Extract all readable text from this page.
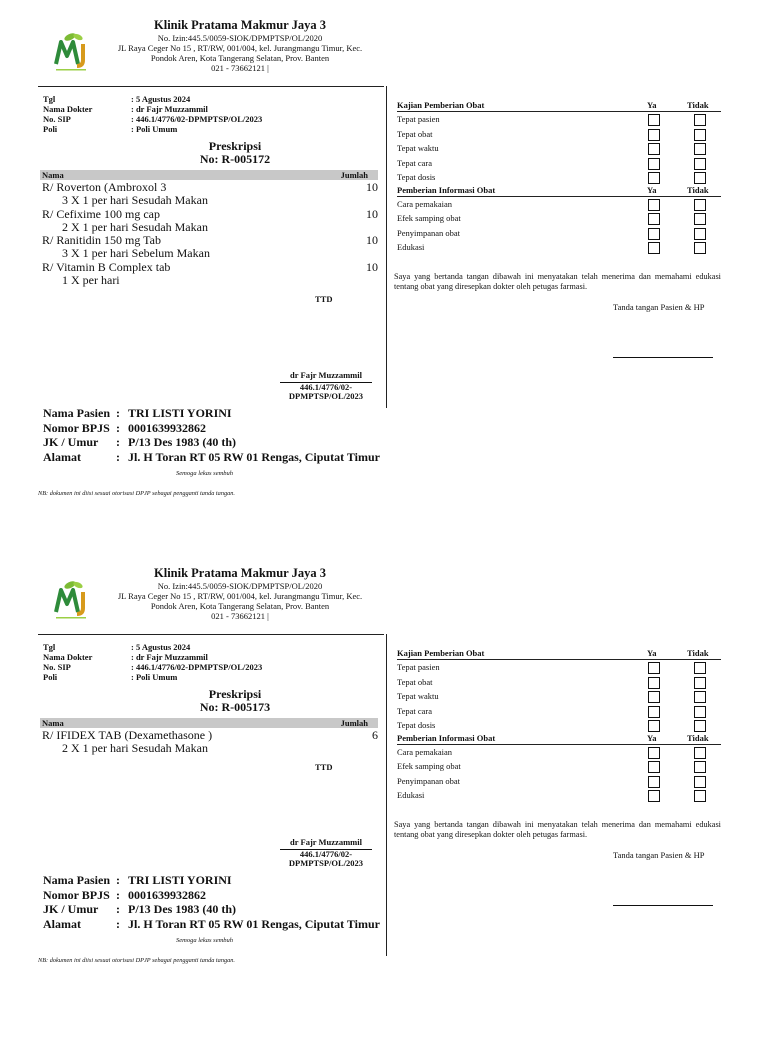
Klinik Pratama Makmur Jaya 3
No. Izin:445.5/0059-SIOK/DPMPTSP/OL/2020
JL Raya Ceger No 15 , RT/RW, 001/004, kel. Jurangmangu Timur, Kec.
Pondok Aren, Kota Tangerang Selatan, Prov. Banten
021 - 73662121 |
Tgl	: 5 Agustus 2024
Nama Dokter	: dr Fajr Muzzammil
No. SIP	: 446.1/4776/02-DPMPTSP/OL/2023
Poli	: Poli Umum
Preskripsi
No: R-005172
Nama	Jumlah
R/ Roverton (Ambroxol 3	10
3 X 1 per hari Sesudah Makan
R/ Cefixime 100 mg cap	10
2 X 1 per hari Sesudah Makan
R/ Ranitidin 150 mg Tab	10
3 X 1 per hari Sebelum Makan
R/ Vitamin B Complex tab	10
1 X per hari
TTD
dr Fajr Muzzammil
446.1/4776/02-
DPMPTSP/OL/2023
Nama Pasien : TRI LISTI YORINI
Nomor BPJS : 0001639932862
JK / Umur	: P/13 Des 1983 (40 th)
Alamat	: Jl. H Toran RT 05 RW 01 Rengas, Ciputat Timur
Semoga lekas sembuh
NB: dokumen ini diisi sesuai otorisasi DPJP sebagai pengganti tanda tangan.
Kajian Pemberian Obat	Ya	Tidak
Tepat pasien
Tepat obat
Tepat waktu
Tepat cara
Tepat dosis
Pemberian Informasi Obat	Ya	Tidak
Cara pemakaian
Efek samping obat
Penyimpanan obat
Edukasi
Saya yang bertanda tangan dibawah ini menyatakan telah menerima dan memahami edukasi tentang obat yang diresepkan dokter oleh petugas farmasi.
Tanda tangan Pasien & HP
Klinik Pratama Makmur Jaya 3
No. Izin:445.5/0059-SIOK/DPMPTSP/OL/2020
JL Raya Ceger No 15 , RT/RW, 001/004, kel. Jurangmangu Timur, Kec.
Pondok Aren, Kota Tangerang Selatan, Prov. Banten
021 - 73662121 |
Tgl	: 5 Agustus 2024
Nama Dokter	: dr Fajr Muzzammil
No. SIP	: 446.1/4776/02-DPMPTSP/OL/2023
Poli	: Poli Umum
Preskripsi
No: R-005173
Nama	Jumlah
R/ IFIDEX TAB (Dexamethasone )	6
2 X 1 per hari Sesudah Makan
TTD
dr Fajr Muzzammil
446.1/4776/02-
DPMPTSP/OL/2023
Nama Pasien : TRI LISTI YORINI
Nomor BPJS : 0001639932862
JK / Umur	: P/13 Des 1983 (40 th)
Alamat	: Jl. H Toran RT 05 RW 01 Rengas, Ciputat Timur
Semoga lekas sembuh
NB: dokumen ini diisi sesuai otorisasi DPJP sebagai pengganti tanda tangan.
Kajian Pemberian Obat	Ya	Tidak
Tepat pasien
Tepat obat
Tepat waktu
Tepat cara
Tepat dosis
Pemberian Informasi Obat	Ya	Tidak
Cara pemakaian
Efek samping obat
Penyimpanan obat
Edukasi
Saya yang bertanda tangan dibawah ini menyatakan telah menerima dan memahami edukasi tentang obat yang diresepkan dokter oleh petugas farmasi.
Tanda tangan Pasien & HP
